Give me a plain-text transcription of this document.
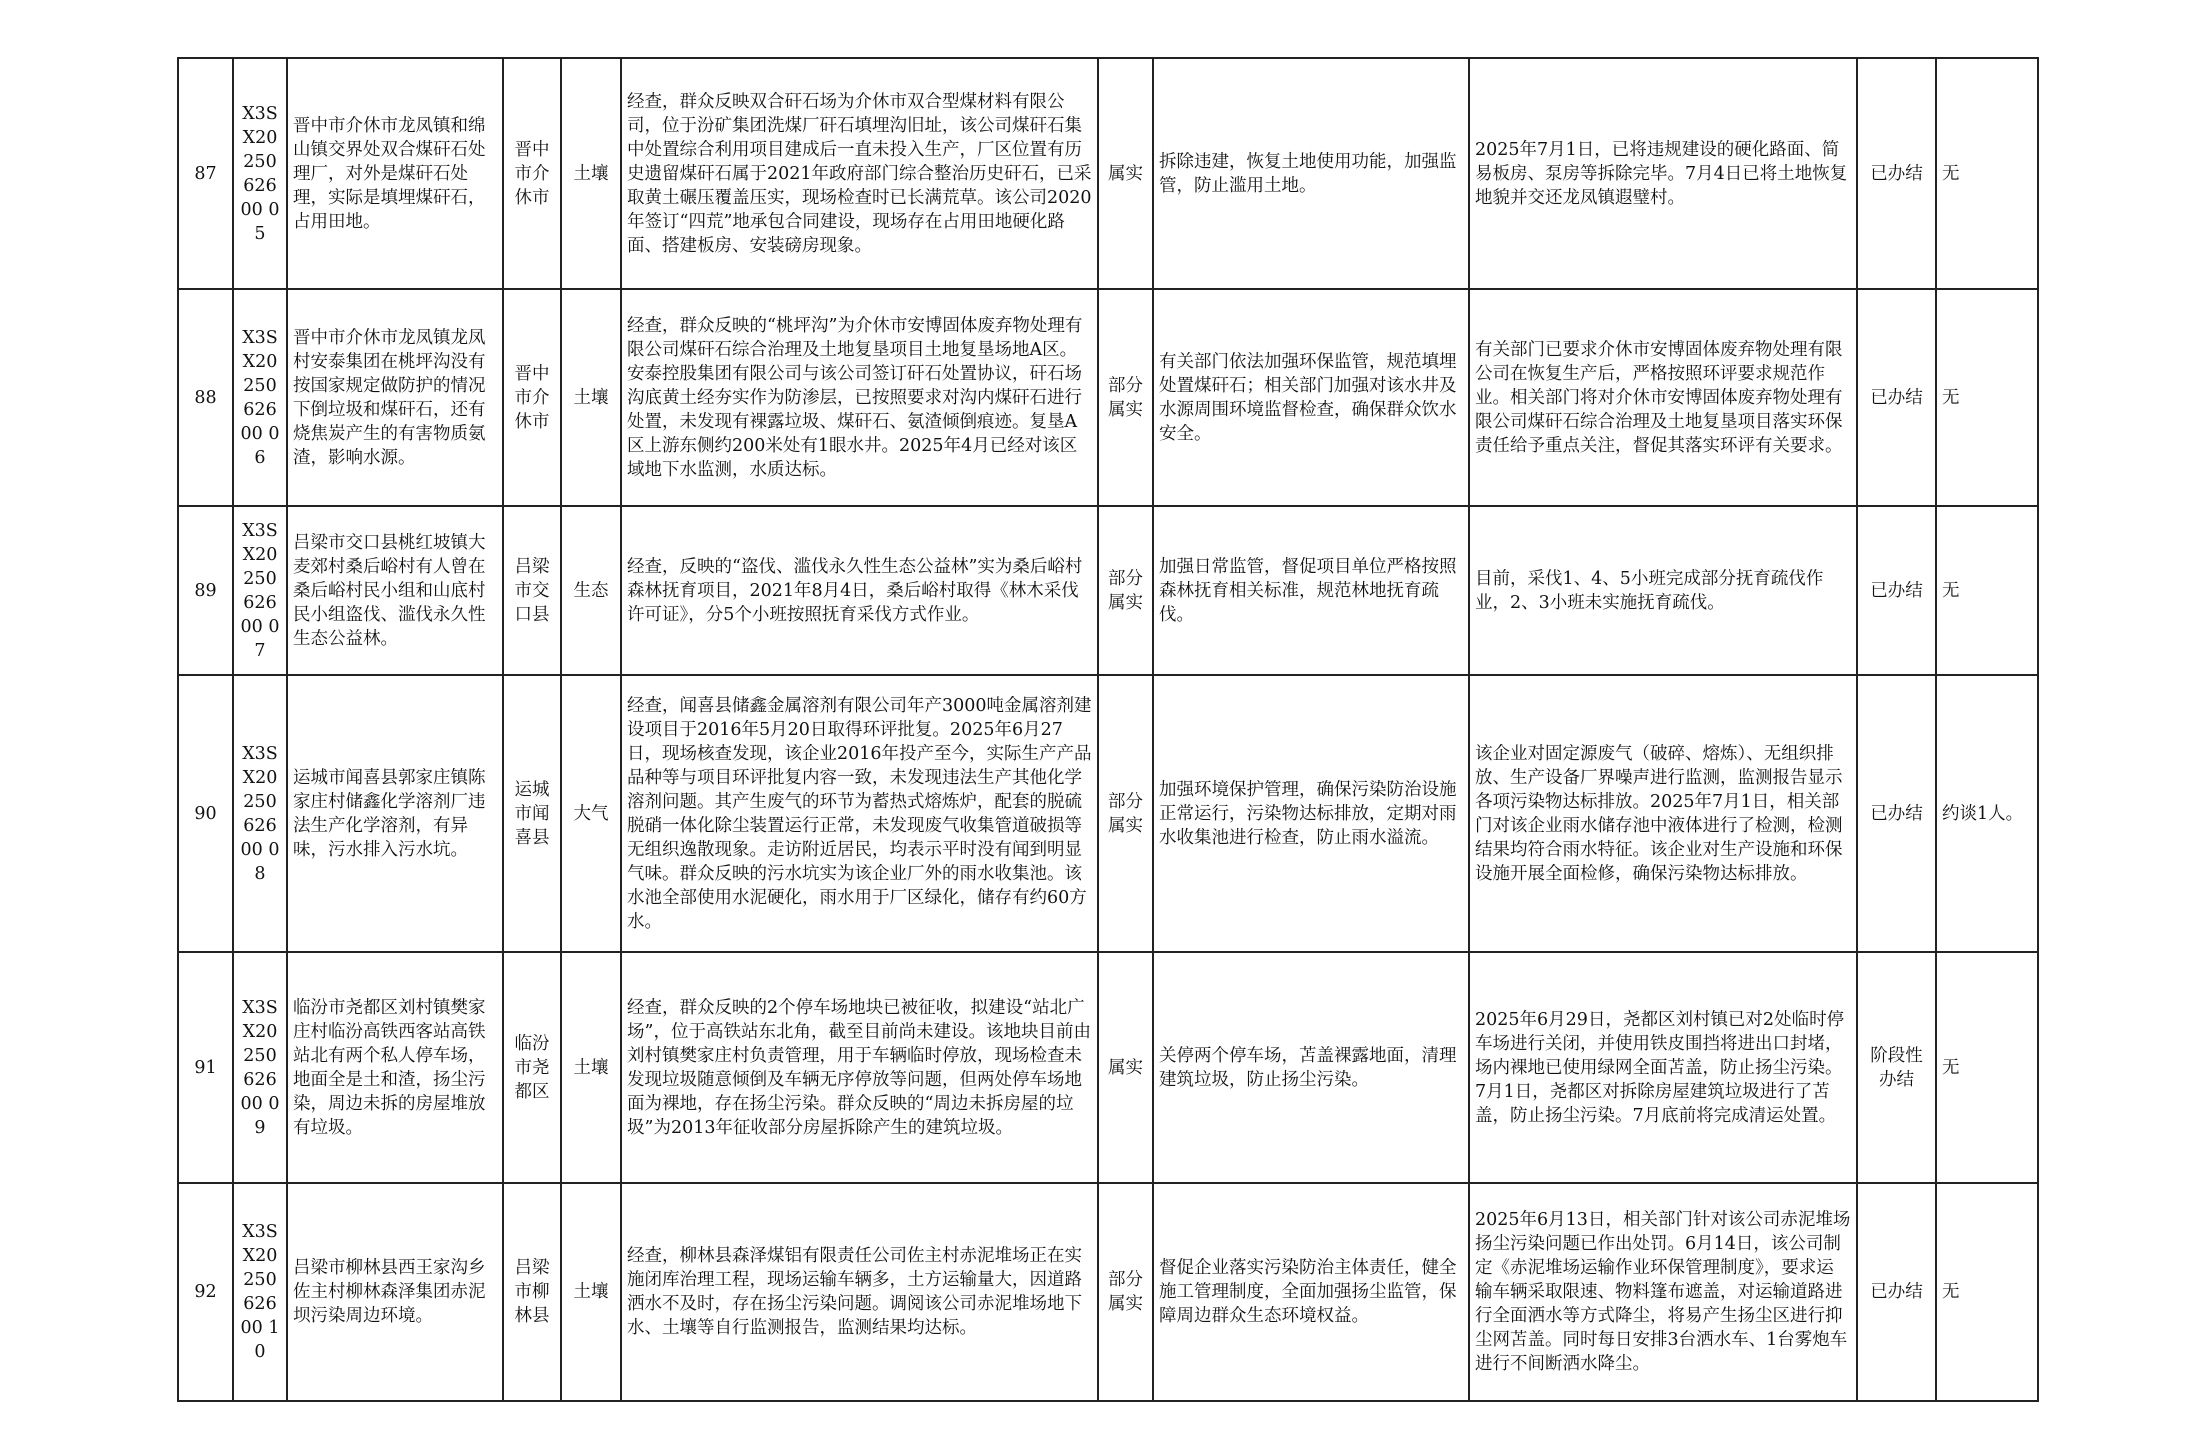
87	X3SX2025062600 05	晋中市介休市龙凤镇和绵山镇交界处双合煤矸石处理厂，对外是煤矸石处理，实际是填埋煤矸石，占用田地。	晋中市介休市	土壤	经查，群众反映双合矸石场为介休市双合型煤材料有限公司，位于汾矿集团洗煤厂矸石填埋沟旧址，该公司煤矸石集中处置综合利用项目建成后一直未投入生产，厂区位置有历史遗留煤矸石属于2021年政府部门综合整治历史矸石，已采取黄土碾压覆盖压实，现场检查时已长满荒草。该公司2020年签订“四荒”地承包合同建设，现场存在占用田地硬化路面、搭建板房、安装磅房现象。	属实	拆除违建，恢复土地使用功能，加强监管，防止滥用土地。	2025年7月1日，已将违规建设的硬化路面、简易板房、泵房等拆除完毕。7月4日已将土地恢复地貌并交还龙凤镇遐璧村。	已办结	无
88	X3SX2025062600 06	晋中市介休市龙凤镇龙凤村安泰集团在桃坪沟没有按国家规定做防护的情况下倒垃圾和煤矸石，还有烧焦炭产生的有害物质氨渣，影响水源。	晋中市介休市	土壤	经查，群众反映的“桃坪沟”为介休市安博固体废弃物处理有限公司煤矸石综合治理及土地复垦项目土地复垦场地A区。安泰控股集团有限公司与该公司签订矸石处置协议，矸石场沟底黄土经夯实作为防渗层，已按照要求对沟内煤矸石进行处置，未发现有裸露垃圾、煤矸石、氨渣倾倒痕迹。复垦A区上游东侧约200米处有1眼水井。2025年4月已经对该区域地下水监测，水质达标。	部分属实	有关部门依法加强环保监管，规范填埋处置煤矸石；相关部门加强对该水井及水源周围环境监督检查，确保群众饮水安全。	有关部门已要求介休市安博固体废弃物处理有限公司在恢复生产后，严格按照环评要求规范作业。相关部门将对介休市安博固体废弃物处理有限公司煤矸石综合治理及土地复垦项目落实环保责任给予重点关注，督促其落实环评有关要求。	已办结	无
89	X3SX2025062600 07	吕梁市交口县桃红坡镇大麦郊村桑后峪村有人曾在桑后峪村民小组和山底村民小组盗伐、滥伐永久性生态公益林。	吕梁市交口县	生态	经查，反映的“盗伐、滥伐永久性生态公益林”实为桑后峪村森林抚育项目，2021年8月4日，桑后峪村取得《林木采伐许可证》，分5个小班按照抚育采伐方式作业。	部分属实	加强日常监管，督促项目单位严格按照森林抚育相关标准，规范林地抚育疏伐。	目前，采伐1、4、5小班完成部分抚育疏伐作业，2、3小班未实施抚育疏伐。	已办结	无
90	X3SX2025062600 08	运城市闻喜县郭家庄镇陈家庄村储鑫化学溶剂厂违法生产化学溶剂，有异味，污水排入污水坑。	运城市闻喜县	大气	经查，闻喜县储鑫金属溶剂有限公司年产3000吨金属溶剂建设项目于2016年5月20日取得环评批复。2025年6月27日，现场核查发现，该企业2016年投产至今，实际生产产品品种等与项目环评批复内容一致，未发现违法生产其他化学溶剂问题。其产生废气的环节为蓄热式熔炼炉，配套的脱硫脱硝一体化除尘装置运行正常，未发现废气收集管道破损等无组织逸散现象。走访附近居民，均表示平时没有闻到明显气味。群众反映的污水坑实为该企业厂外的雨水收集池。该水池全部使用水泥硬化，雨水用于厂区绿化，储存有约60方水。	部分属实	加强环境保护管理，确保污染防治设施正常运行，污染物达标排放，定期对雨水收集池进行检查，防止雨水溢流。	该企业对固定源废气（破碎、熔炼）、无组织排放、生产设备厂界噪声进行监测，监测报告显示各项污染物达标排放。2025年7月1日，相关部门对该企业雨水储存池中液体进行了检测，检测结果均符合雨水特征。该企业对生产设施和环保设施开展全面检修，确保污染物达标排放。	已办结	约谈1人。
91	X3SX2025062600 09	临汾市尧都区刘村镇樊家庄村临汾高铁西客站高铁站北有两个私人停车场，地面全是土和渣，扬尘污染，周边未拆的房屋堆放有垃圾。	临汾市尧都区	土壤	经查，群众反映的2个停车场地块已被征收，拟建设“站北广场”，位于高铁站东北角，截至目前尚未建设。该地块目前由刘村镇樊家庄村负责管理，用于车辆临时停放，现场检查未发现垃圾随意倾倒及车辆无序停放等问题，但两处停车场地面为裸地，存在扬尘污染。群众反映的“周边未拆房屋的垃圾”为2013年征收部分房屋拆除产生的建筑垃圾。	属实	关停两个停车场，苫盖裸露地面，清理建筑垃圾，防止扬尘污染。	2025年6月29日，尧都区刘村镇已对2处临时停车场进行关闭，并使用铁皮围挡将进出口封堵，场内裸地已使用绿网全面苫盖，防止扬尘污染。7月1日，尧都区对拆除房屋建筑垃圾进行了苫盖，防止扬尘污染。7月底前将完成清运处置。	阶段性办结	无
92	X3SX2025062600 10	吕梁市柳林县西王家沟乡佐主村柳林森泽集团赤泥坝污染周边环境。	吕梁市柳林县	土壤	经查，柳林县森泽煤铝有限责任公司佐主村赤泥堆场正在实施闭库治理工程，现场运输车辆多，土方运输量大，因道路洒水不及时，存在扬尘污染问题。调阅该公司赤泥堆场地下水、土壤等自行监测报告，监测结果均达标。	部分属实	督促企业落实污染防治主体责任，健全施工管理制度，全面加强扬尘监管，保障周边群众生态环境权益。	2025年6月13日，相关部门针对该公司赤泥堆场扬尘污染问题已作出处罚。6月14日，该公司制定《赤泥堆场运输作业环保管理制度》，要求运输车辆采取限速、物料篷布遮盖，对运输道路进行全面洒水等方式降尘，将易产生扬尘区进行抑尘网苫盖。同时每日安排3台洒水车、1台雾炮车进行不间断洒水降尘。	已办结	无
